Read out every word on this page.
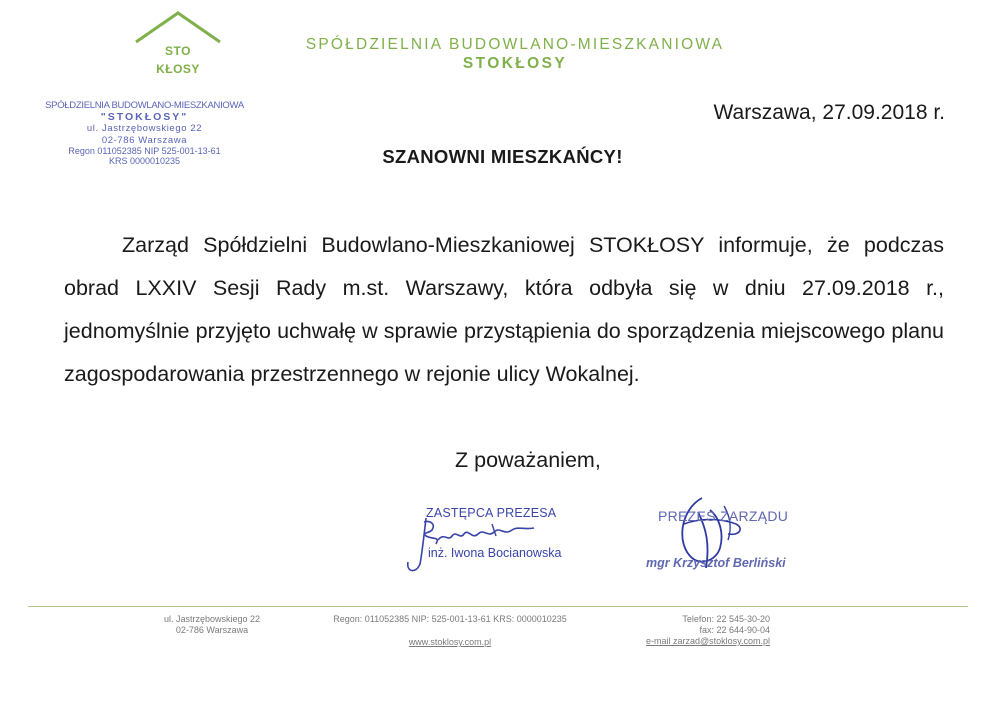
STO
KŁOSY
SPÓŁDZIELNIA BUDOWLANO-MIESZKANIOWA
STOKŁOSY
SPÓŁDZIELNIA BUDOWLANO-MIESZKANIOWA
"STOKŁOSY"
ul. Jastrzębowskiego 22
02-786 Warszawa
Regon 011052385 NIP 525-001-13-61
KRS 0000010235
Warszawa, 27.09.2018 r.
SZANOWNI MIESZKAŃCY!

Zarząd Spółdzielni Budowlano-Mieszkaniowej STOKŁOSY informuje, że podczas obrad LXXIV Sesji Rady m.st. Warszawy, która odbyła się w dniu 27.09.2018 r., jednomyślnie przyjęto uchwałę w sprawie przystąpienia do sporządzenia miejscowego planu zagospodarowania przestrzennego w rejonie ulicy Wokalnej.

Z poważaniem,
ZASTĘPCA PREZESA
inż. Iwona Bocianowska
PREZES ZARZĄDU
mgr Krzysztof Berliński
ul. Jastrzębowskiego 22
02-786 Warszawa
Regon: 011052385 NIP: 525-001-13-61 KRS: 0000010235
www.stoklosy.com.pl
Telefon: 22 545-30-20
fax: 22 644-90-04
e-mail zarzad@stoklosy.com.pl
